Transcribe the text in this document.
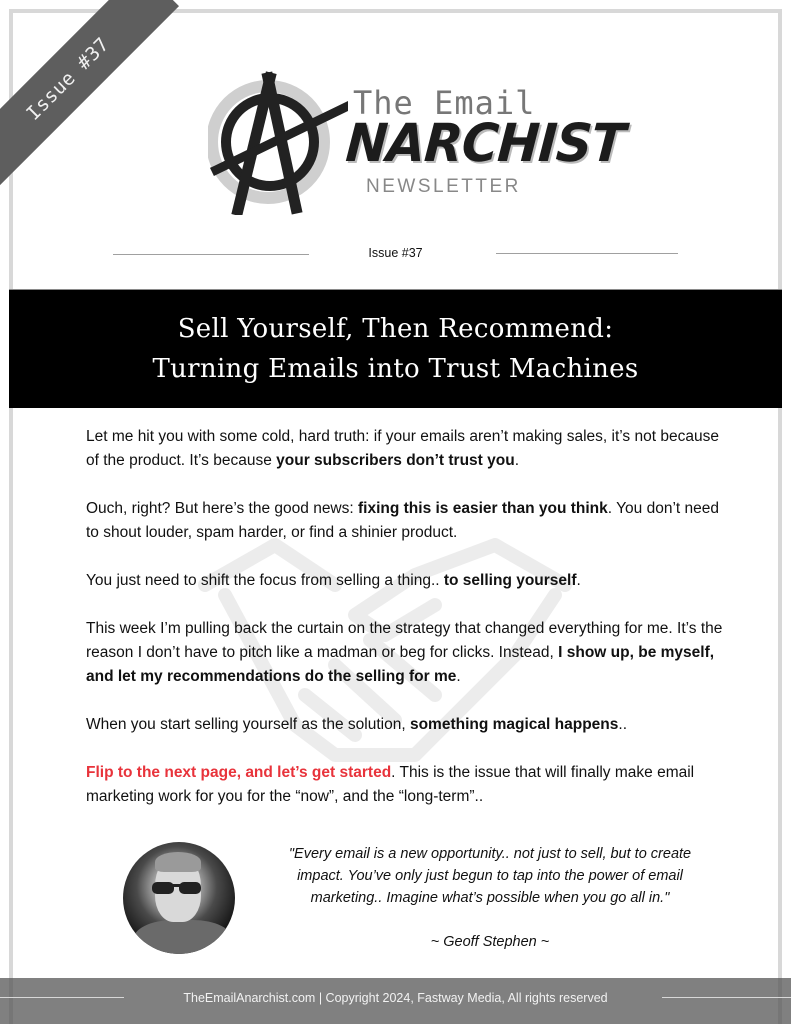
Issue #37	The Email
NARCHIST
NEWSLETTER
Issue #37
Sell Yourself, Then Recommend:
Turning Emails into Trust Machines

Let me hit you with some cold, hard truth: if your emails aren’t making sales, it’s not because of the product. It’s because your subscribers don’t trust you.

Ouch, right? But here’s the good news: fixing this is easier than you think. You don’t need to shout louder, spam harder, or find a shinier product.

You just need to shift the focus from selling a thing.. to selling yourself.

This week I’m pulling back the curtain on the strategy that changed everything for me. It’s the reason I don’t have to pitch like a madman or beg for clicks. Instead, I show up, be myself, and let my recommendations do the selling for me.

When you start selling yourself as the solution, something magical happens..

Flip to the next page, and let’s get started. This is the issue that will finally make email marketing work for you for the “now”, and the “long-term”..

"Every email is a new opportunity.. not just to sell, but to create impact. You’ve only just begun to tap into the power of email marketing.. Imagine what’s possible when you go all in."
~ Geoff Stephen ~
TheEmailAnarchist.com | Copyright 2024, Fastway Media, All rights reserved
